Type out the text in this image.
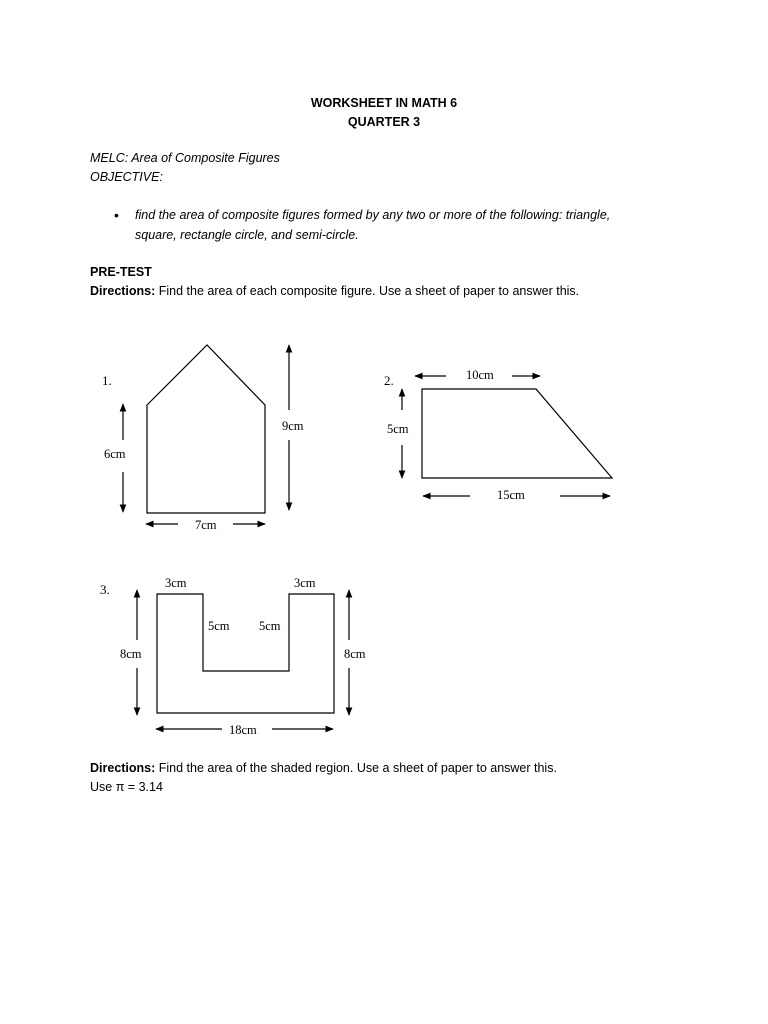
WORKSHEET IN MATH 6
QUARTER 3
MELC: Area of Composite Figures
OBJECTIVE:
• find the area of composite figures formed by any two or more of the following: triangle,
square, rectangle circle, and semi-circle.
PRE-TEST
Directions: Find the area of each composite figure. Use a sheet of paper to answer this.
1.
6cm
9cm
7cm
2.	10cm
5cm
15cm
3.	3cm	3cm
5cm 5cm
8cm	8cm
18cm
Directions: Find the area of the shaded region. Use a sheet of paper to answer this.
Use π = 3.14
